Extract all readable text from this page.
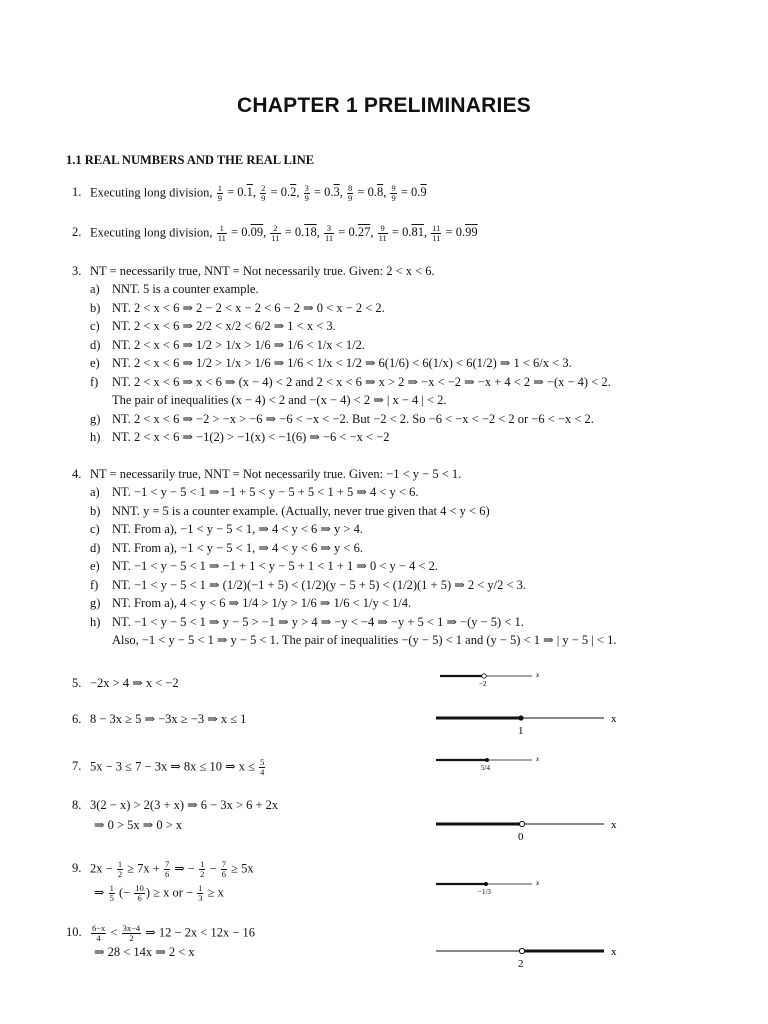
CHAPTER 1 PRELIMINARIES
1.1 REAL NUMBERS AND THE REAL LINE
1. Executing long division, $\frac{1}{9} = 0.1$, $\frac{2}{9} = 0.2$, $\frac{3}{9} = 0.3$, $\frac{8}{9} = 0.8$, $\frac{9}{9} = 0.9$
2. Executing long division, $\frac{1}{11} = 0.09$, $\frac{2}{11} = 0.18$, $\frac{3}{11} = 0.27$, $\frac{9}{11} = 0.81$, $\frac{11}{11} = 0.99$
3. NT = necessarily true, NNT = Not necessarily true. Given: 2 < x < 6.
a) NNT. 5 is a counter example.
b) NT. 2 < x < 6 ⇒ 2 − 2 < x − 2 < 6 − 2 ⇒ 0 < x − 2 < 2.
c) NT. 2 < x < 6 ⇒ 2/2 < x/2 < 6/2 ⇒ 1 < x < 3.
d) NT. 2 < x < 6 ⇒ 1/2 > 1/x > 1/6 ⇒ 1/6 < 1/x < 1/2.
e) NT. 2 < x < 6 ⇒ 1/2 > 1/x > 1/6 ⇒ 1/6 < 1/x < 1/2 ⇒ 6(1/6) < 6(1/x) < 6(1/2) ⇒ 1 < 6/x < 3.
f) NT. 2 < x < 6 ⇒ x < 6 ⇒ (x − 4) < 2 and 2 < x < 6 ⇒ x > 2 ⇒ −x < −2 ⇒ −x + 4 < 2 ⇒ −(x − 4) < 2.
The pair of inequalities (x − 4) < 2 and −(x − 4) < 2 ⇒ | x − 4 | < 2.
g) NT. 2 < x < 6 ⇒ −2 > −x > −6 ⇒ −6 < −x < −2. But −2 < 2. So −6 < −x < −2 < 2 or −6 < −x < 2.
h) NT. 2 < x < 6 ⇒ −1(2) > −1(x) < −1(6) ⇒ −6 < −x < −2
4. NT = necessarily true, NNT = Not necessarily true. Given: −1 < y − 5 < 1.
a) NT. −1 < y − 5 < 1 ⇒ −1 + 5 < y − 5 + 5 < 1 + 5 ⇒ 4 < y < 6.
b) NNT. y = 5 is a counter example. (Actually, never true given that 4 < y < 6)
c) NT. From a), −1 < y − 5 < 1, ⇒ 4 < y < 6 ⇒ y > 4.
d) NT. From a), −1 < y − 5 < 1, ⇒ 4 < y < 6 ⇒ y < 6.
e) NT. −1 < y − 5 < 1 ⇒ −1 + 1 < y − 5 + 1 < 1 + 1 ⇒ 0 < y − 4 < 2.
f) NT. −1 < y − 5 < 1 ⇒ (1/2)(−1 + 5) < (1/2)(y − 5 + 5) < (1/2)(1 + 5) ⇒ 2 < y/2 < 3.
g) NT. From a), 4 < y < 6 ⇒ 1/4 > 1/y > 1/6 ⇒ 1/6 < 1/y < 1/4.
h) NT. −1 < y − 5 < 1 ⇒ y − 5 > −1 ⇒ y > 4 ⇒ −y < −4 ⇒ −y + 5 < 1 ⇒ −(y − 5) < 1.
Also, −1 < y − 5 < 1 ⇒ y − 5 < 1. The pair of inequalities −(y − 5) < 1 and (y − 5) < 1 ⇒ | y − 5 | < 1.
5. −2x > 4 ⇒ x < −2
x
−2
6. 8 − 3x ≥ 5 ⇒ −3x ≥ −3 ⇒ x ≤ 1	x
1
7. 5x − 3 ≤ 7 − 3x ⇒ 8x ≤ 10 ⇒ $x \le \frac{5}{4}$	x
5/4
8. 3(2 − x) > 2(3 + x) ⇒ 6 − 3x > 6 + 2x
⇒ 0 > 5x ⇒ 0 > x	x
0
9. $2x - \frac{1}{2} \ge 7x + \frac{7}{6}$ ⇒ − $\frac{1}{2} - \frac{7}{6} \ge 5x$
⇒ $\frac{1}{5}$ (− $\frac{10}{6}$ ) ≥ x or − $\frac{1}{3} \ge x$
x
−1/3
10. $\frac{6-x}{4} < \frac{3x-4}{2}$ ⇒ 12 − 2x < 12x − 16
⇒ 28 < 14x ⇒ 2 < x	x
2
